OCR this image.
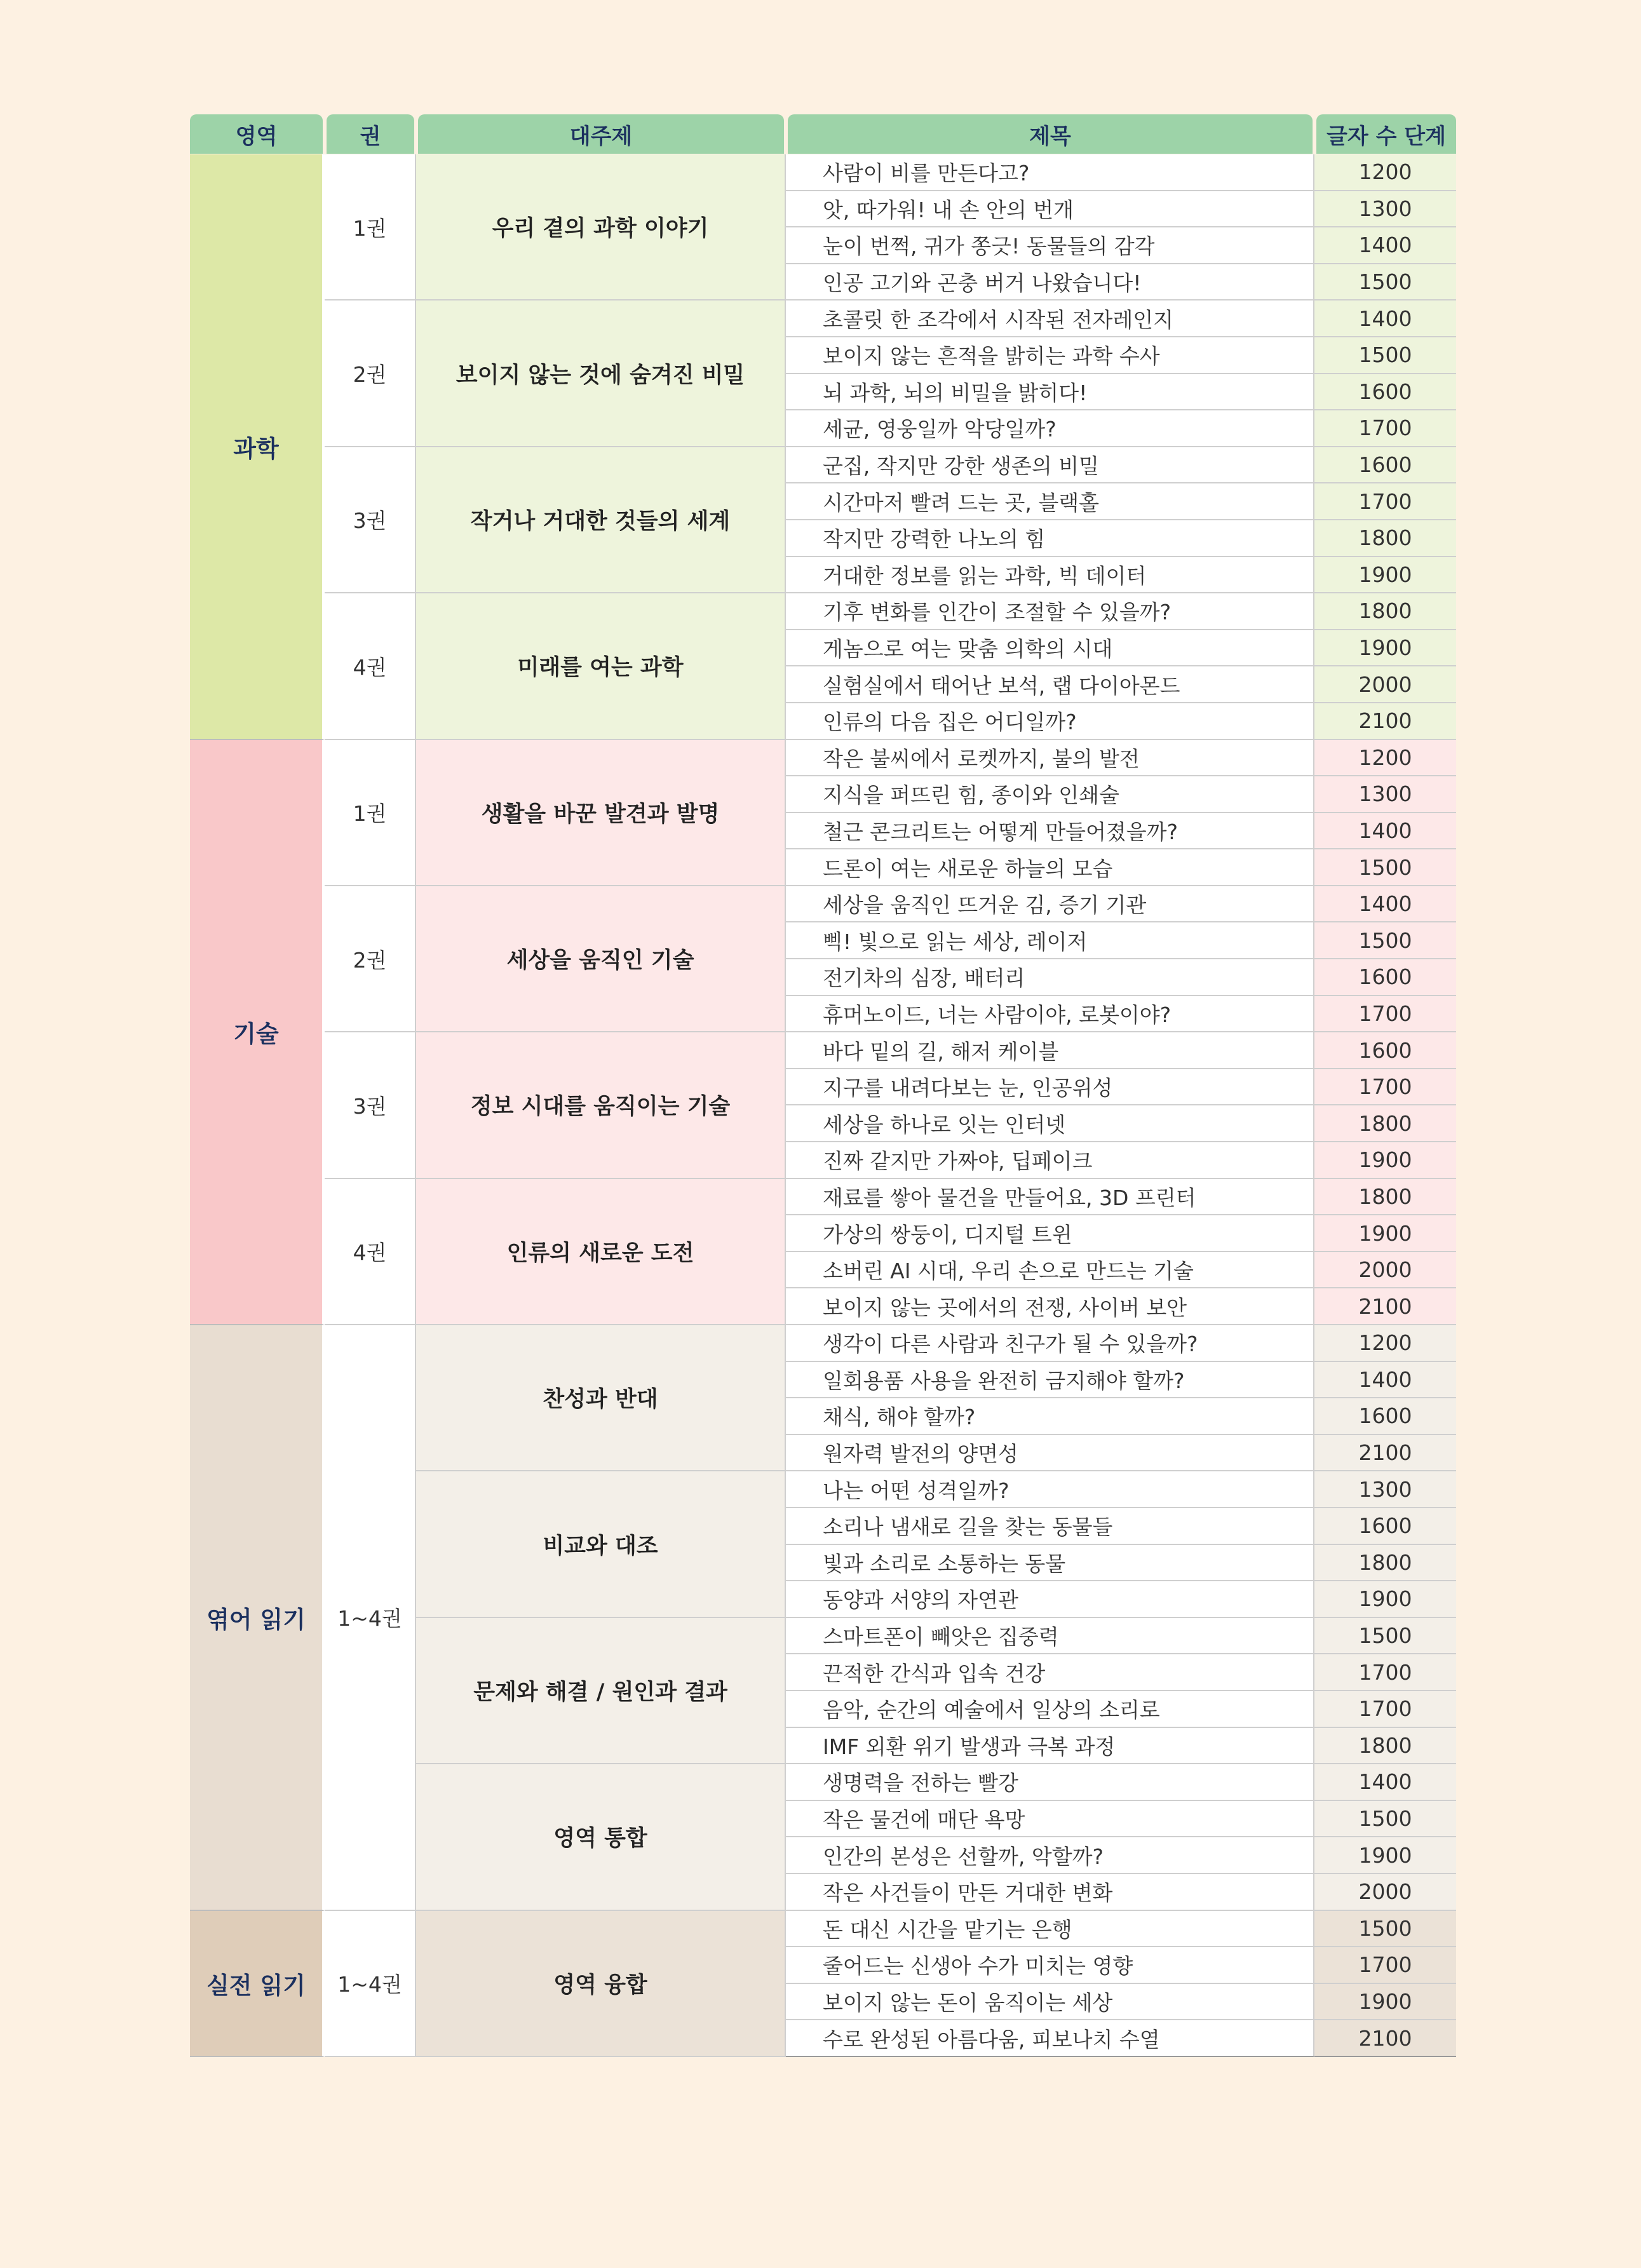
영역	권	대주제	제목	글자 수 단계

과학	1권	우리 곁의 과학 이야기	사람이 비를 만든다고?	1200
			앗, 따가워! 내 손 안의 번개	1300
			눈이 번쩍, 귀가 쫑긋! 동물들의 감각	1400
			인공 고기와 곤충 버거 나왔습니다!	1500
	2권	보이지 않는 것에 숨겨진 비밀	초콜릿 한 조각에서 시작된 전자레인지	1400
			보이지 않는 흔적을 밝히는 과학 수사	1500
			뇌 과학, 뇌의 비밀을 밝히다!	1600
			세균, 영웅일까 악당일까?	1700
	3권	작거나 거대한 것들의 세계	군집, 작지만 강한 생존의 비밀	1600
			시간마저 빨려 드는 곳, 블랙홀	1700
			작지만 강력한 나노의 힘	1800
			거대한 정보를 읽는 과학, 빅 데이터	1900
	4권	미래를 여는 과학	기후 변화를 인간이 조절할 수 있을까?	1800
			게놈으로 여는 맞춤 의학의 시대	1900
			실험실에서 태어난 보석, 랩 다이아몬드	2000
			인류의 다음 집은 어디일까?	2100
기술	1권	생활을 바꾼 발견과 발명	작은 불씨에서 로켓까지, 불의 발전	1200
			지식을 퍼뜨린 힘, 종이와 인쇄술	1300
			철근 콘크리트는 어떻게 만들어졌을까?	1400
			드론이 여는 새로운 하늘의 모습	1500
	2권	세상을 움직인 기술	세상을 움직인 뜨거운 김, 증기 기관	1400
			삑! 빛으로 읽는 세상, 레이저	1500
			전기차의 심장, 배터리	1600
			휴머노이드, 너는 사람이야, 로봇이야?	1700
	3권	정보 시대를 움직이는 기술	바다 밑의 길, 해저 케이블	1600
			지구를 내려다보는 눈, 인공위성	1700
			세상을 하나로 잇는 인터넷	1800
			진짜 같지만 가짜야, 딥페이크	1900
	4권	인류의 새로운 도전	재료를 쌓아 물건을 만들어요, 3D 프린터	1800
			가상의 쌍둥이, 디지털 트윈	1900
			소버린 AI 시대, 우리 손으로 만드는 기술	2000
			보이지 않는 곳에서의 전쟁, 사이버 보안	2100
엮어 읽기	1~4권	찬성과 반대	생각이 다른 사람과 친구가 될 수 있을까?	1200
			일회용품 사용을 완전히 금지해야 할까?	1400
			채식, 해야 할까?	1600
			원자력 발전의 양면성	2100
		비교와 대조	나는 어떤 성격일까?	1300
			소리나 냄새로 길을 찾는 동물들	1600
			빛과 소리로 소통하는 동물	1800
			동양과 서양의 자연관	1900
		문제와 해결 / 원인과 결과	스마트폰이 빼앗은 집중력	1500
			끈적한 간식과 입속 건강	1700
			음악, 순간의 예술에서 일상의 소리로	1700
			IMF 외환 위기 발생과 극복 과정	1800
		영역 통합	생명력을 전하는 빨강	1400
			작은 물건에 매단 욕망	1500
			인간의 본성은 선할까, 악할까?	1900
			작은 사건들이 만든 거대한 변화	2000
실전 읽기	1~4권	영역 융합	돈 대신 시간을 맡기는 은행	1500
			줄어드는 신생아 수가 미치는 영향	1700
			보이지 않는 돈이 움직이는 세상	1900
			수로 완성된 아름다움, 피보나치 수열	2100
